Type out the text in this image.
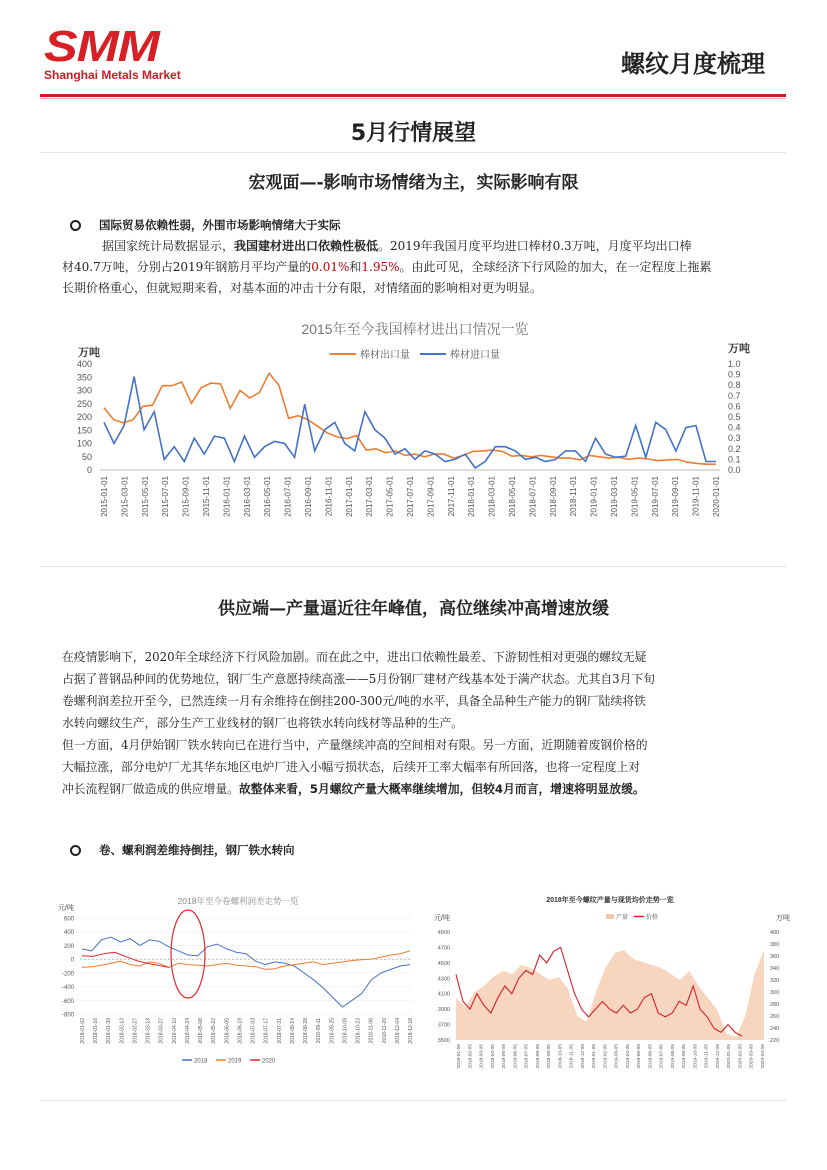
SMM
Shanghai Metals Market	螺纹月度梳理
5月行情展望
宏观面—-影响市场情绪为主，实际影响有限
国际贸易依赖性弱，外围市场影响情绪大于实际
据国家统计局数据显示，我国建材进出口依赖性极低。2019年我国月度平均进口棒材0.3万吨，月度平均出口棒
材40.7万吨，分别占2019年钢筋月平均产量的0.01%和1.95%。由此可见，全球经济下行风险的加大，在一定程度上拖累
长期价格重心，但就短期来看，对基本面的冲击十分有限，对情绪面的影响相对更为明显。
2015年至今我国棒材进出口情况一览
万吨	万吨
棒材出口量	棒材进口量
0
50
100
150
200
250
300
350
400
0.0
0.1
0.2
0.3
0.4
0.5
0.6
0.7
0.8
0.9
1.0
2015-01-01 2015-03-01 2015-05-01 2015-07-01 2015-09-01 2015-11-01 2016-01-01 2016-03-01 2016-05-01 2016-07-01 2016-09-01 2016-11-01 2017-01-01 2017-03-01 2017-05-01 2017-07-01 2017-09-01 2017-11-01 2018-01-01 2018-03-01 2018-05-01 2018-07-01 2018-09-01 2018-11-01 2019-01-01 2019-03-01 2019-05-01 2019-07-01 2019-09-01 2019-11-01 2020-01-01
供应端—产量逼近往年峰值，高位继续冲高增速放缓
在疫情影响下，2020年全球经济下行风险加剧。而在此之中，进出口依赖性最差、下游韧性相对更强的螺纹无疑
占据了普钢品种间的优势地位，钢厂生产意愿持续高涨——5月份钢厂建材产线基本处于满产状态。尤其自3月下旬
卷螺利润差拉开至今，已然连续一月有余维持在倒挂200-300元/吨的水平，具备全品种生产能力的钢厂陆续将铁
水转向螺纹生产，部分生产工业线材的钢厂也将铁水转向线材等品种的生产。
但一方面，4月伊始钢厂铁水转向已在进行当中，产量继续冲高的空间相对有限。另一方面，近期随着废钢价格的
大幅拉涨，部分电炉厂尤其华东地区电炉厂进入小幅亏损状态，后续开工率大幅率有所回落，也将一定程度上对
冲长流程钢厂做造成的供应增量。故整体来看，5月螺纹产量大概率继续增加，但较4月而言，增速将明显放缓。
卷、螺利润差维持倒挂，钢厂铁水转向
2018年至今卷螺利润差走势一览
元/吨
600
400
200
0
-200
-400
-600
-800
2018-01-02 2018-01-16 2018-01-30 2018-02-13 2018-02-27 2018-03-13 2018-03-27 2018-04-10 2018-04-24 2018-05-08 2018-05-22 2018-06-05 2018-06-19 2018-07-03 2018-07-17 2018-07-31 2018-08-14 2018-08-28 2018-09-11 2018-09-25 2018-10-09 2018-10-23 2018-11-06 2018-11-20 2018-12-04 2018-12-18
2018	2019	2020
2018年至今螺纹产量与现货均价走势一览
元/吨	万吨
产量	价格
4900
4700
4500
4300
4100
3900
3700
3500
400
380
360
340
320
300
280
260
240
220
2018-01-05 2018-02-05 2018-03-05 2018-04-05 2018-05-05 2018-06-05 2018-07-05 2018-08-05 2018-09-05 2018-10-05 2018-11-05 2018-12-05 2019-01-05 2019-02-05 2019-03-05 2019-04-05 2019-05-05 2019-06-05 2019-07-05 2019-08-05 2019-09-05 2019-10-05 2019-11-05 2019-12-05 2020-01-05 2020-02-05 2020-03-05 2020-04-05
